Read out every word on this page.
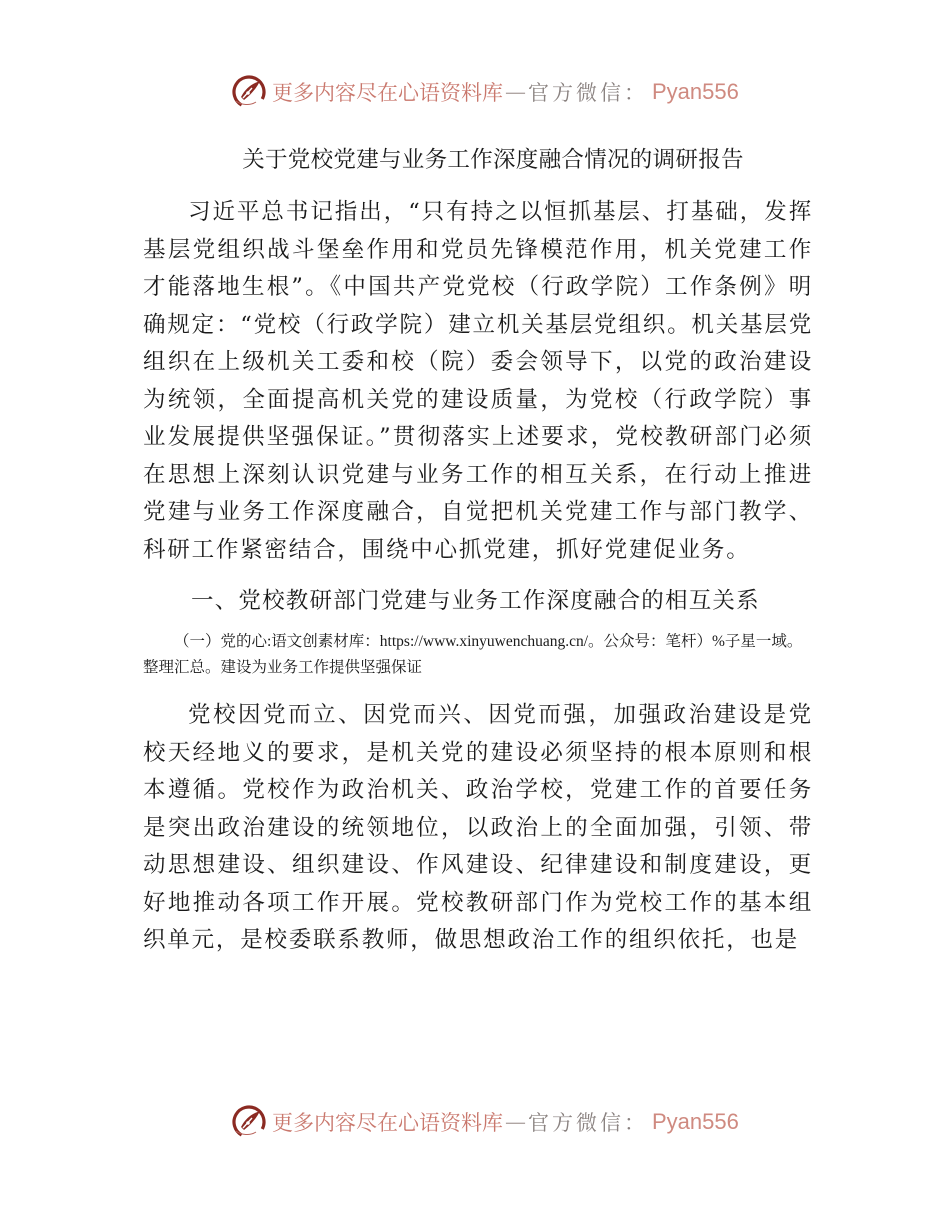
更多内容尽在心语资料库 — 官方微信： Pyan556
关于党校党建与业务工作深度融合情况的调研报告

习近平总书记指出，“只有持之以恒抓基层、打基础，发挥基层党组织战斗堡垒作用和党员先锋模范作用，机关党建工作才能落地生根”。《中国共产党党校（行政学院）工作条例》明确规定：“党校（行政学院）建立机关基层党组织。机关基层党组织在上级机关工委和校（院）委会领导下，以党的政治建设为统领，全面提高机关党的建设质量，为党校（行政学院）事业发展提供坚强保证。”贯彻落实上述要求，党校教研部门必须在思想上深刻认识党建与业务工作的相互关系，在行动上推进党建与业务工作深度融合，自觉把机关党建工作与部门教学、科研工作紧密结合，围绕中心抓党建，抓好党建促业务。

一、党校教研部门党建与业务工作深度融合的相互关系
（一）党的心:语文创素材库：https://www.xinyuwenchuang.cn/。公众号：笔杆）%子星一域。整理汇总。建设为业务工作提供坚强保证

党校因党而立、因党而兴、因党而强，加强政治建设是党校天经地义的要求，是机关党的建设必须坚持的根本原则和根本遵循。党校作为政治机关、政治学校，党建工作的首要任务是突出政治建设的统领地位，以政治上的全面加强，引领、带动思想建设、组织建设、作风建设、纪律建设和制度建设，更好地推动各项工作开展。党校教研部门作为党校工作的基本组织单元，是校委联系教师，做思想政治工作的组织依托，也是

更多内容尽在心语资料库 — 官方微信： Pyan556
